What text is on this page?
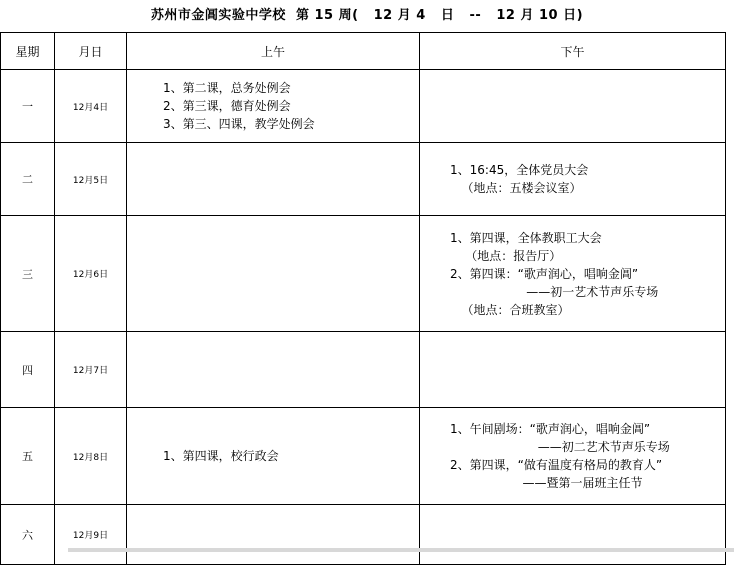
苏州市金阊实验中学校  第 15 周(   12 月 4   日   --   12 月 10 日)
星期	月日	上午	下午
一	12月4日	1、第二课，总务处例会
2、第三课，德育处例会
3、第三、四课，教学处例会	

二	12月5日		1、16:45，全体党员大会
（地点：五楼会议室）

三	12月6日		1、第四课，全体教职工大会
（地点：报告厅）
2、第四课：“歌声润心，唱响金阊”
——初一艺术节声乐专场
（地点：合班教室）

四	12月7日	

五	12月8日	1、第四课，校行政会	1、午间剧场：“歌声润心，唱响金阊”
——初二艺术节声乐专场
2、第四课，“做有温度有格局的教育人”
——暨第一届班主任节

六	12月9日	
